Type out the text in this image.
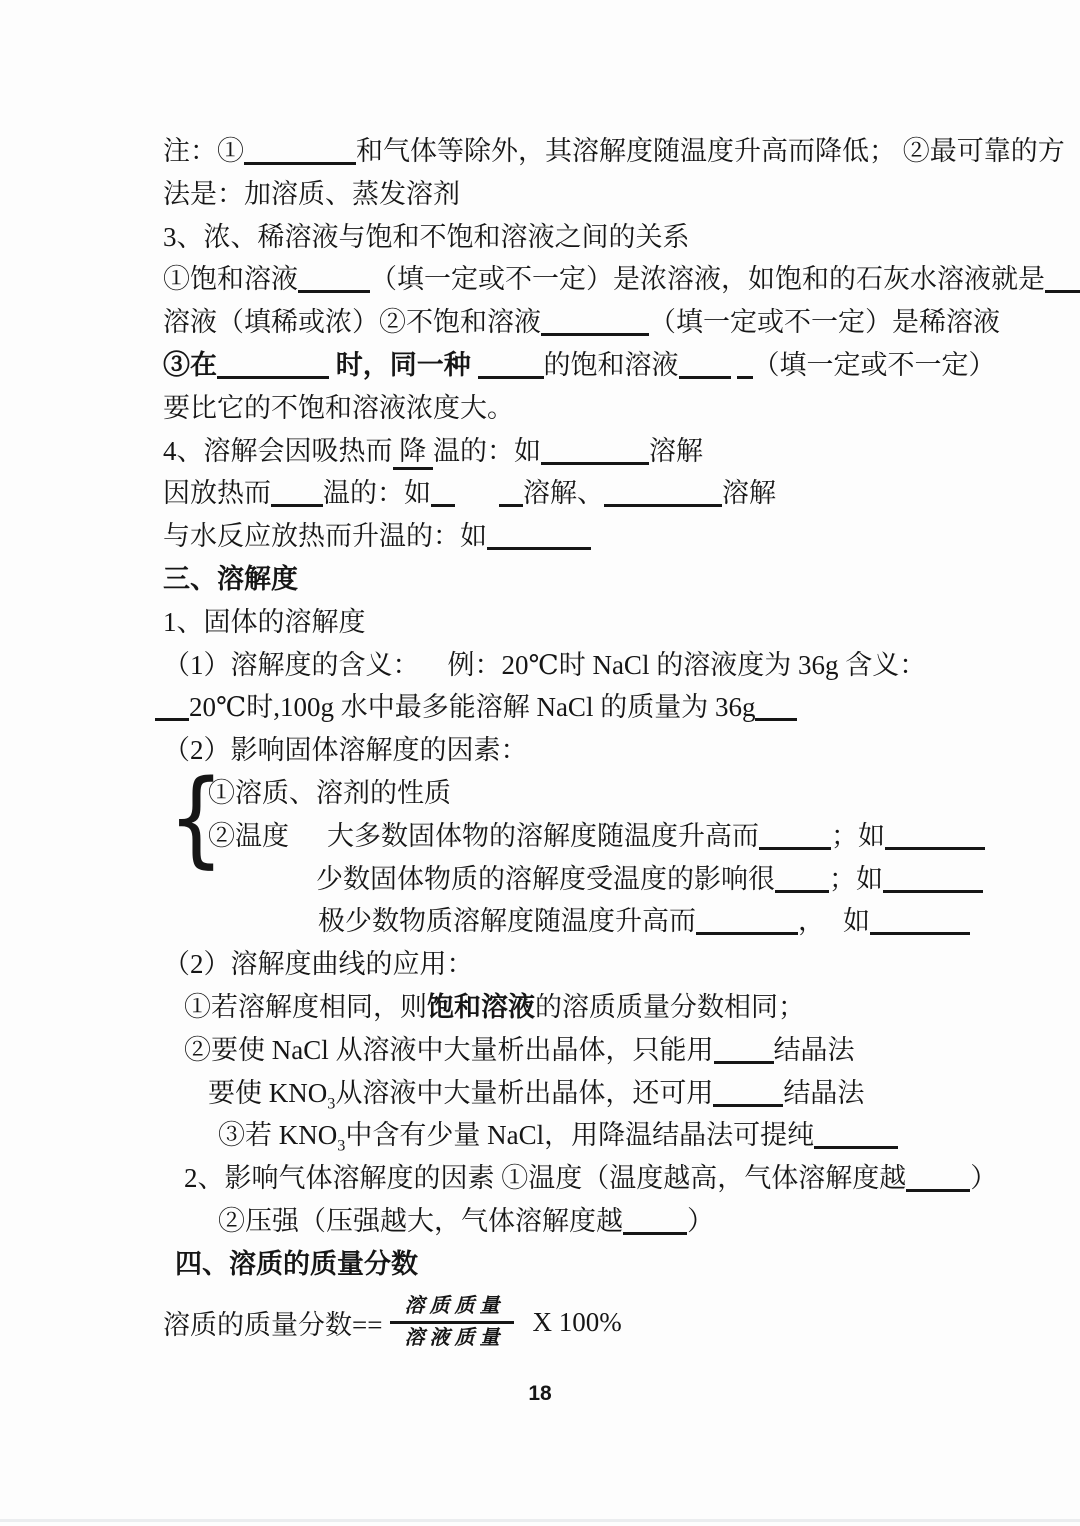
注：①	和气体等除外，其溶解度随温度升高而降低； ②最可靠的方
法是：加溶质、蒸发溶剂
3、浓、稀溶液与饱和不饱和溶液之间的关系
①饱和溶液	（填一定或不一定）是浓溶液，如饱和的石灰水溶液就是
溶液（填稀或浓）②不饱和溶液	（填一定或不一定）是稀溶液
③在	时，同一种 的饱和溶液	（填一定或不一定）
要比它的不饱和溶液浓度大。
4、溶解会因吸热而 降 温的：如	溶解
因放热而 温的：如	溶解、	溶解
与水反应放热而升温的：如
三、溶解度
1、固体的溶解度
（1）溶解度的含义： 例：20℃时 NaCl 的溶液度为 36g 含义：
20℃时,100g 水中最多能溶解 NaCl 的质量为 36g
（2）影响固体溶解度的因素：
{
①溶质、溶剂的性质
②温度 大多数固体物的溶解度随温度升高而	；如
少数固体物质的溶解度受温度的影响很 ；如
极少数物质溶解度随温度升高而	， 如
（2）溶解度曲线的应用：
①若溶解度相同，则饱和溶液的溶质质量分数相同；
②要使 NaCl 从溶液中大量析出晶体，只能用 结晶法
要使 $KNO_3$从溶液中大量析出晶体，还可用	结晶法
③若 $KNO_3$中含有少量 NaCl，用降温结晶法可提纯
2、影响气体溶解度的因素 ①温度（温度越高，气体溶解度越 ）
②压强（压强越大，气体溶解度越 ）
四、溶质的质量分数
溶质的质量分数== $\frac{\text{溶质质量}}{\text{溶液质量}}$ X 100%
18
